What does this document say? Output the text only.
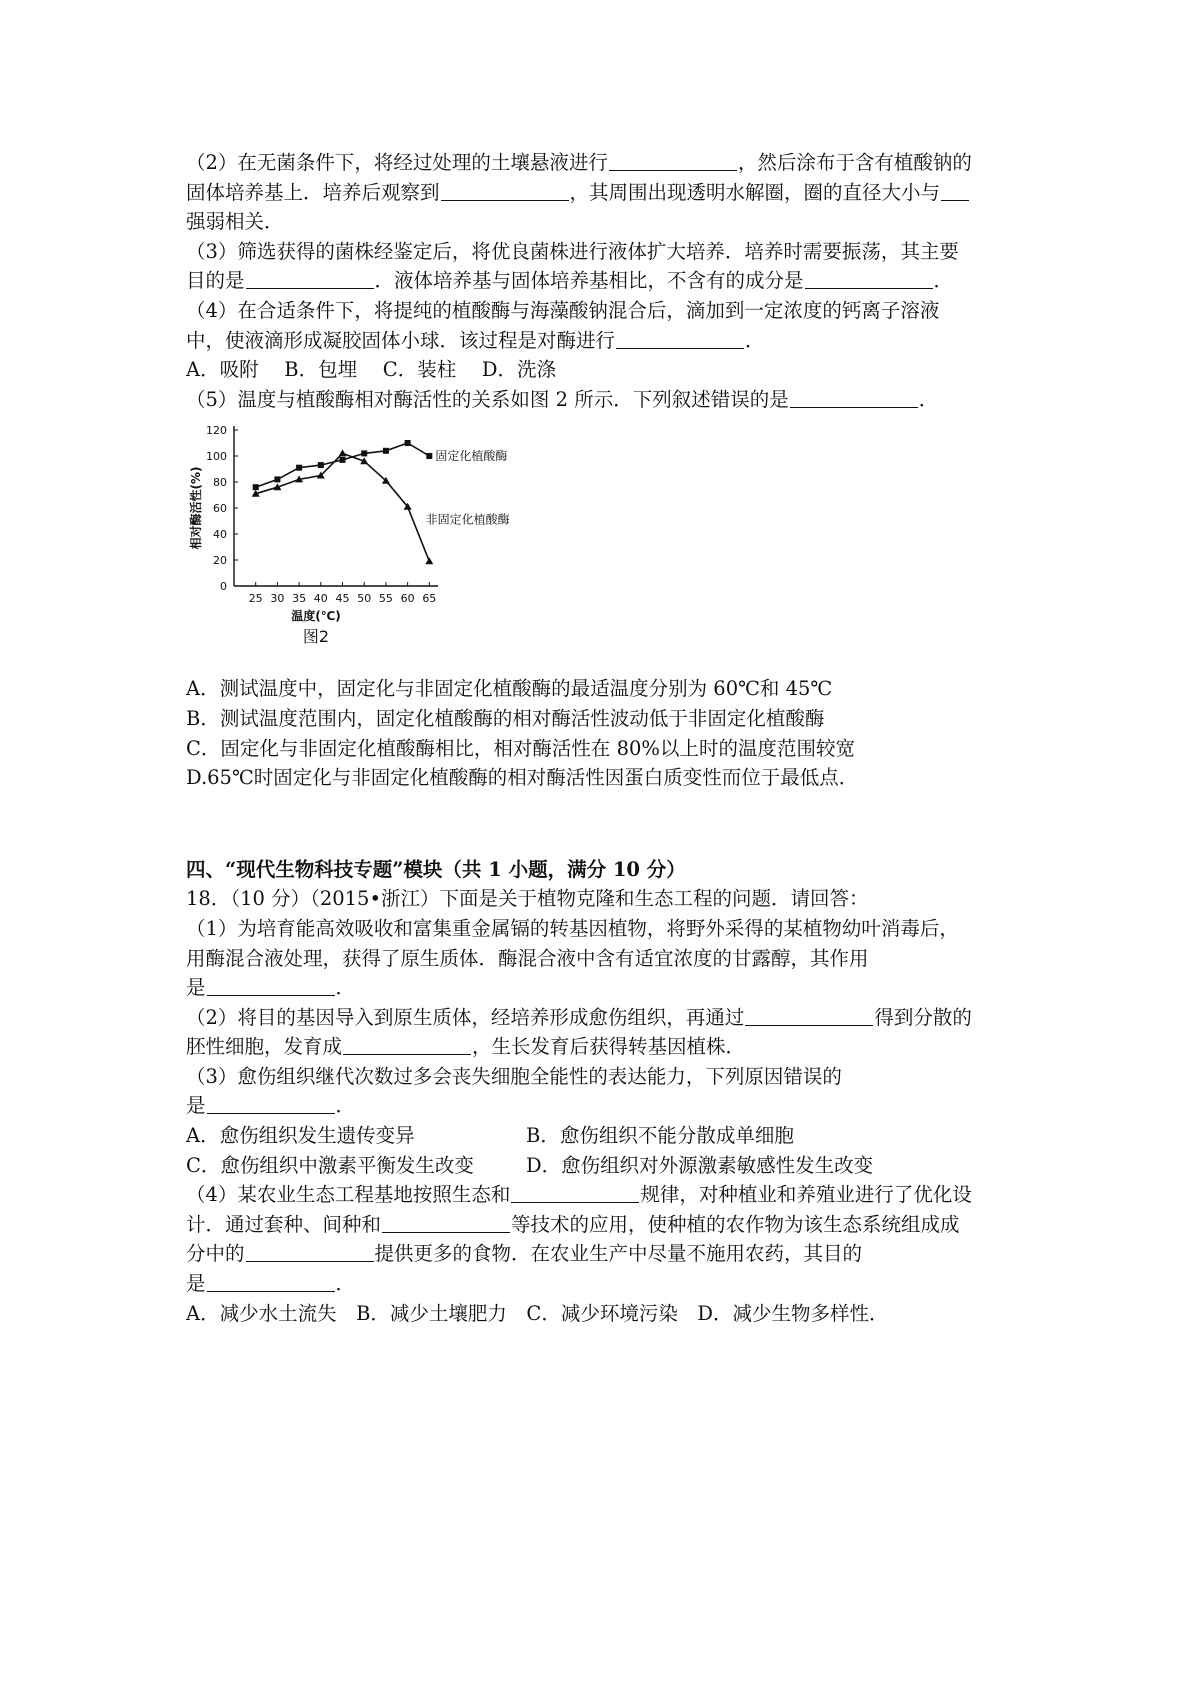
（2）在无菌条件下，将经过处理的土壤悬液进行	，然后涂布于含有植酸钠的
固体培养基上．培养后观察到	，其周围出现透明水解圈，圈的直径大小与
强弱相关．
（3）筛选获得的菌株经鉴定后，将优良菌株进行液体扩大培养．培养时需要振荡，其主要
目的是	．液体培养基与固体培养基相比，不含有的成分是	．
（4）在合适条件下，将提纯的植酸酶与海藻酸钠混合后，滴加到一定浓度的钙离子溶液
中，使液滴形成凝胶固体小球．该过程是对酶进行	．
A．吸附　 B．包埋　 C．装柱　 D．洗涤
（5）温度与植酸酶相对酶活性的关系如图 2 所示．下列叙述错误的是	．
0
20
40
60
80
100
120
25 30 35 40 45 50 55 60 65
温度(℃)
相对酶活性(%)
图2
固定化植酸酶
非固定化植酸酶
A．测试温度中，固定化与非固定化植酸酶的最适温度分别为 60℃和 45℃
B．测试温度范围内，固定化植酸酶的相对酶活性波动低于非固定化植酸酶
C．固定化与非固定化植酸酶相比，相对酶活性在 80%以上时的温度范围较宽
D.65℃时固定化与非固定化植酸酶的相对酶活性因蛋白质变性而位于最低点．
四、“现代生物科技专题”模块（共 1 小题，满分 10 分）
18．（10 分）（2015•浙江）下面是关于植物克隆和生态工程的问题．请回答：
（1）为培育能高效吸收和富集重金属镉的转基因植物，将野外采得的某植物幼叶消毒后，
用酶混合液处理，获得了原生质体．酶混合液中含有适宜浓度的甘露醇，其作用
是	．
（2）将目的基因导入到原生质体，经培养形成愈伤组织，再通过	得到分散的
胚性细胞，发育成	，生长发育后获得转基因植株．
（3）愈伤组织继代次数过多会丧失细胞全能性的表达能力，下列原因错误的
是	．
A．愈伤组织发生遗传变异	B．愈伤组织不能分散成单细胞
C．愈伤组织中激素平衡发生改变	D．愈伤组织对外源激素敏感性发生改变
（4）某农业生态工程基地按照生态和	规律，对种植业和养殖业进行了优化设
计．通过套种、间种和	等技术的应用，使种植的农作物为该生态系统组成成
分中的	提供更多的食物．在农业生产中尽量不施用农药，其目的
是	．
A．减少水土流失　B．减少土壤肥力　C．减少环境污染　D．减少生物多样性．
